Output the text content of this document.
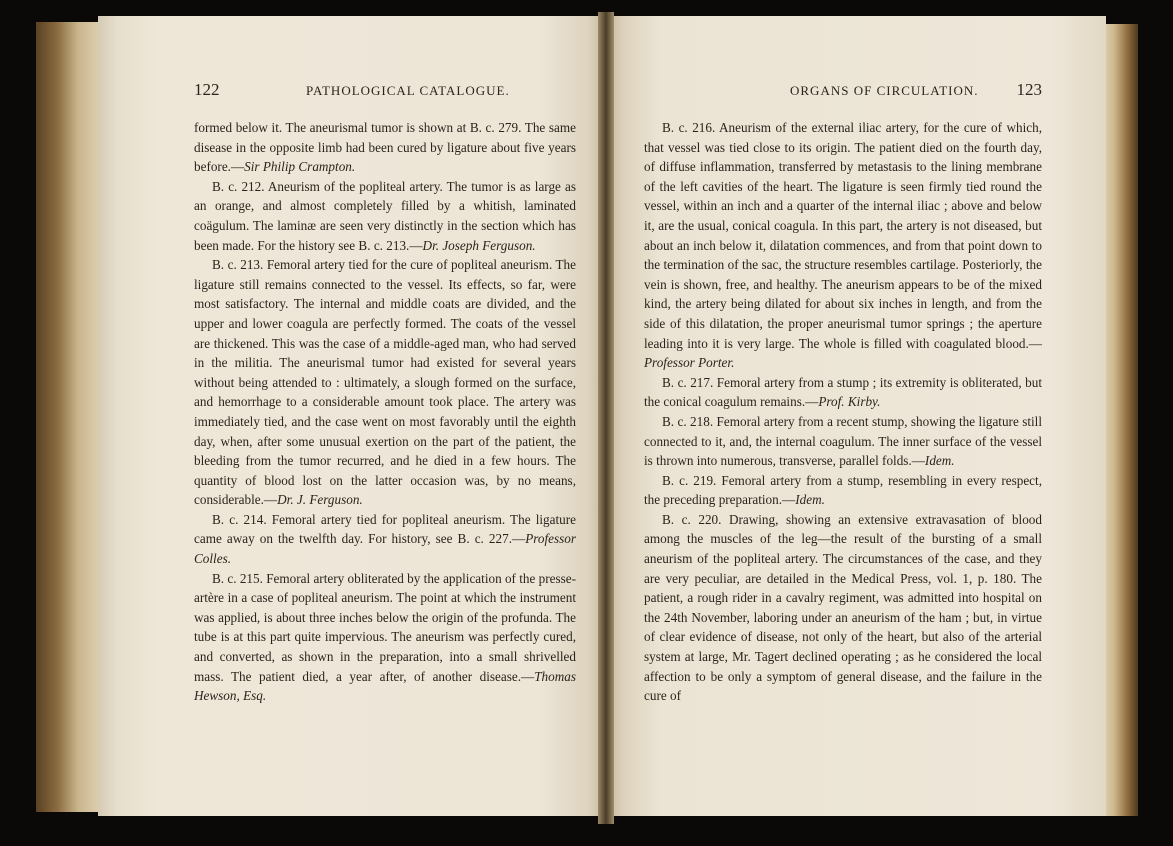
122	PATHOLOGICAL CATALOGUE.

formed below it. The aneurismal tumor is shown at B. c. 279. The same disease in the opposite limb had been cured by ligature about five years before.—Sir Philip Crampton.

B. c. 212. Aneurism of the popliteal artery. The tumor is as large as an orange, and almost completely filled by a whitish, laminated coägulum. The laminæ are seen very distinctly in the section which has been made. For the history see B. c. 213.—Dr. Joseph Ferguson.

B. c. 213. Femoral artery tied for the cure of popliteal aneurism. The ligature still remains connected to the vessel. Its effects, so far, were most satisfactory. The internal and middle coats are divided, and the upper and lower coagula are perfectly formed. The coats of the vessel are thickened. This was the case of a middle-aged man, who had served in the militia. The aneurismal tumor had existed for several years without being attended to : ultimately, a slough formed on the surface, and hemorrhage to a considerable amount took place. The artery was immediately tied, and the case went on most favorably until the eighth day, when, after some unusual exertion on the part of the patient, the bleeding from the tumor recurred, and he died in a few hours. The quantity of blood lost on the latter occasion was, by no means, considerable.—Dr. J. Ferguson.

B. c. 214. Femoral artery tied for popliteal aneurism. The ligature came away on the twelfth day. For history, see B. c. 227.—Professor Colles.

B. c. 215. Femoral artery obliterated by the application of the presse-artère in a case of popliteal aneurism. The point at which the instrument was applied, is about three inches below the origin of the profunda. The tube is at this part quite impervious. The aneurism was perfectly cured, and converted, as shown in the preparation, into a small shrivelled mass. The patient died, a year after, of another disease.—Thomas Hewson, Esq.

ORGANS OF CIRCULATION. 123

B. c. 216. Aneurism of the external iliac artery, for the cure of which, that vessel was tied close to its origin. The patient died on the fourth day, of diffuse inflammation, transferred by metastasis to the lining membrane of the left cavities of the heart. The ligature is seen firmly tied round the vessel, within an inch and a quarter of the internal iliac ; above and below it, are the usual, conical coagula. In this part, the artery is not diseased, but about an inch below it, dilatation commences, and from that point down to the termination of the sac, the structure resembles cartilage. Posteriorly, the vein is shown, free, and healthy. The aneurism appears to be of the mixed kind, the artery being dilated for about six inches in length, and from the side of this dilatation, the proper aneurismal tumor springs ; the aperture leading into it is very large. The whole is filled with coagulated blood.—Professor Porter.

B. c. 217. Femoral artery from a stump ; its extremity is obliterated, but the conical coagulum remains.—Prof. Kirby.

B. c. 218. Femoral artery from a recent stump, showing the ligature still connected to it, and, the internal coagulum. The inner surface of the vessel is thrown into numerous, transverse, parallel folds.—Idem.

B. c. 219. Femoral artery from a stump, resembling in every respect, the preceding preparation.—Idem.

B. c. 220. Drawing, showing an extensive extravasation of blood among the muscles of the leg—the result of the bursting of a small aneurism of the popliteal artery. The circumstances of the case, and they are very peculiar, are detailed in the Medical Press, vol. 1, p. 180. The patient, a rough rider in a cavalry regiment, was admitted into hospital on the 24th November, laboring under an aneurism of the ham ; but, in virtue of clear evidence of disease, not only of the heart, but also of the arterial system at large, Mr. Tagert declined operating ; as he considered the local affection to be only a symptom of general disease, and the failure in the cure of
